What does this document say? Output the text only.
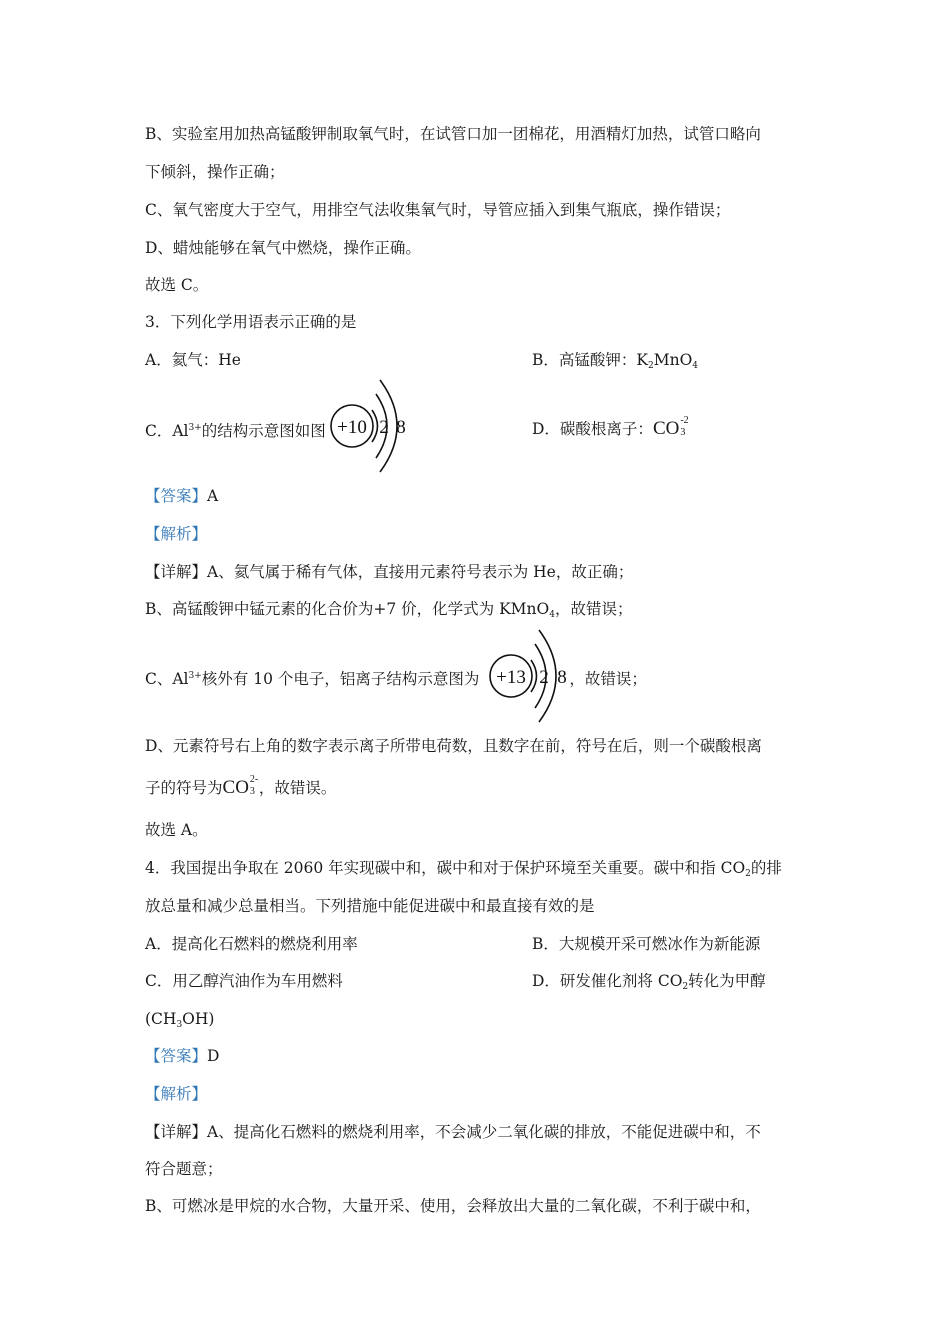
B、实验室用加热高锰酸钾制取氧气时，在试管口加一团棉花，用酒精灯加热，试管口略向
下倾斜，操作正确；
C、氧气密度大于空气，用排空气法收集氧气时，导管应插入到集气瓶底，操作错误；
D、蜡烛能够在氧气中燃烧，操作正确。
故选 C。
3．下列化学用语表示正确的是
A．氦气：He	B．高锰酸钾：$K_2MnO_4$
C．$Al^{3+}$的结构示意图如图 +10 2 8	D．碳酸根离子：CO -2
3
【答案】A
【解析】
【详解】A、氦气属于稀有气体，直接用元素符号表示为 He，故正确；
B、高锰酸钾中锰元素的化合价为+7 价，化学式为 KMnO$_4$，故错误；
C、$Al^{3+}$核外有 10 个电子，铝离子结构示意图为	，故错误；
+13 2 8
D、元素符号右上角的数字表示离子所带电荷数，且数字在前，符号在后，则一个碳酸根离
子的符号为CO 2-
3 ，故错误。
故选 A。
4．我国提出争取在 2060 年实现碳中和，碳中和对于保护环境至关重要。碳中和指 $CO_2$的排
放总量和减少总量相当。下列措施中能促进碳中和最直接有效的是
A．提高化石燃料的燃烧利用率	B．大规模开采可燃冰作为新能源
C．用乙醇汽油作为车用燃料	D．研发催化剂将 $CO_2$转化为甲醇
$(CH_3OH)$
【答案】D
【解析】
【详解】A、提高化石燃料的燃烧利用率，不会减少二氧化碳的排放，不能促进碳中和，不
符合题意；
B、可燃冰是甲烷的水合物，大量开采、使用，会释放出大量的二氧化碳，不利于碳中和，
